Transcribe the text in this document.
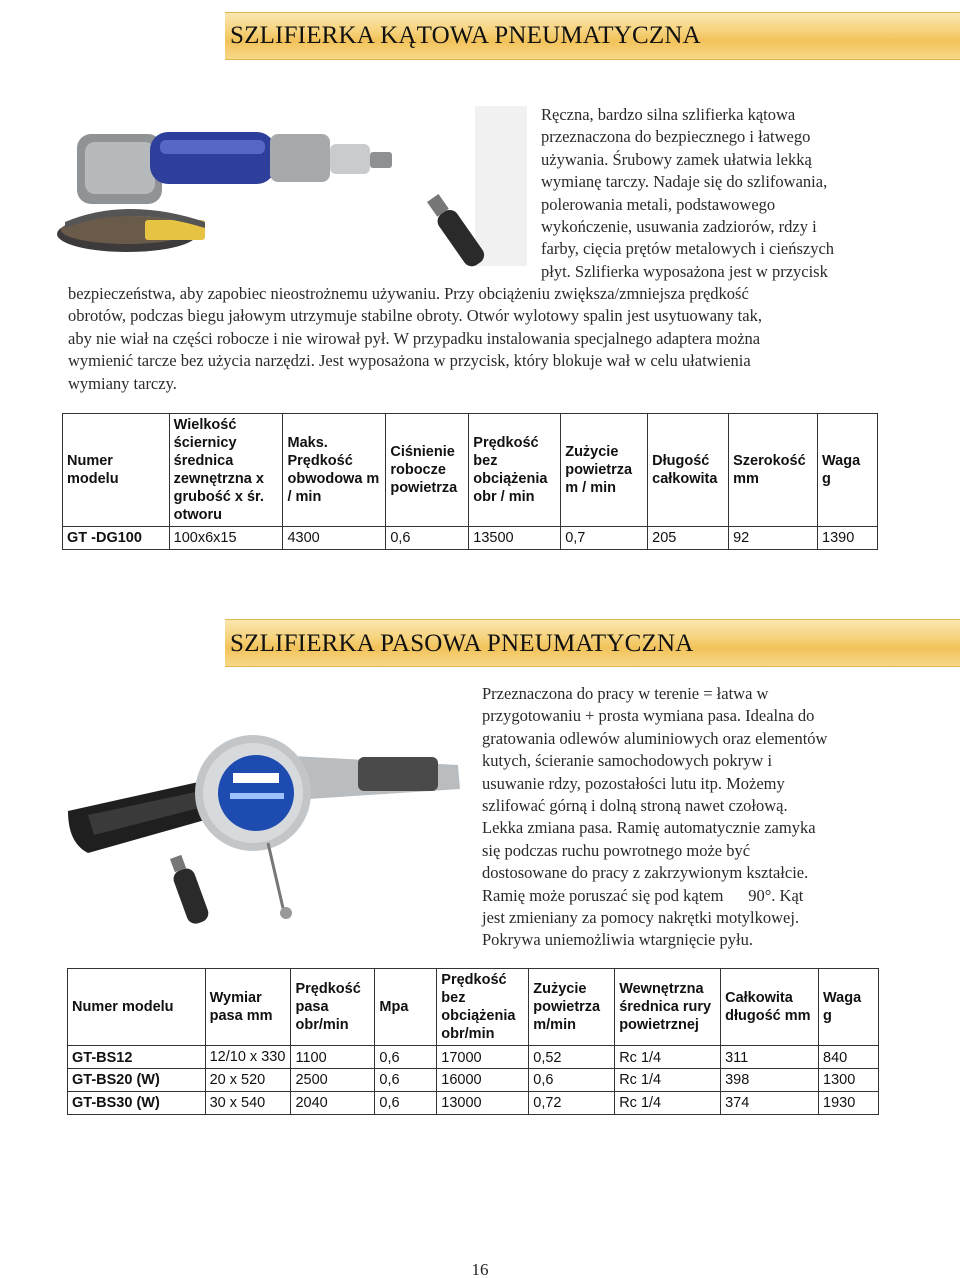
SZLIFIERKA KĄTOWA PNEUMATYCZNA
Ręczna, bardzo silna szlifierka kątowa
przeznaczona do bezpiecznego i łatwego
używania. Śrubowy zamek ułatwia lekką
wymianę tarczy. Nadaje się do szlifowania,
polerowania metali, podstawowego
wykończenie, usuwania zadziorów, rdzy i
farby, cięcia prętów metalowych i cieńszych
płyt. Szlifierka wyposażona jest w przycisk
bezpieczeństwa, aby zapobiec nieostrożnemu używaniu. Przy obciążeniu zwiększa/zmniejsza prędkość
obrotów, podczas biegu jałowym utrzymuje stabilne obroty. Otwór wylotowy spalin jest usytuowany tak,
aby nie wiał na części robocze i nie wirował pył. W przypadku instalowania specjalnego adaptera można
wymienić tarcze bez użycia narzędzi. Jest wyposażona w przycisk, który blokuje wał w celu ułatwienia
wymiany tarczy.
Numer modelu	Wielkość ściernicy średnica zewnętrzna x grubość x śr. otworu	Maks. Prędkość obwodowa m / min	Ciśnienie robocze powietrza	Prędkość bez obciążenia obr / min	Zużycie powietrza m / min	Długość całkowita	Szerokość mm	Waga g
GT -DG100	100x6x15	4300	0,6	13500	0,7	205	92	1390
SZLIFIERKA PASOWA PNEUMATYCZNA
Przeznaczona do pracy w terenie = łatwa w
przygotowaniu + prosta wymiana pasa. Idealna do
gratowania odlewów aluminiowych oraz elementów
kutych, ścieranie samochodowych pokryw i
usuwanie rdzy, pozostałości lutu itp. Możemy
szlifować górną i dolną stroną nawet czołową.
Lekka zmiana pasa. Ramię automatycznie zamyka
się podczas ruchu powrotnego może być
dostosowane do pracy z zakrzywionym kształcie.
Ramię może poruszać się pod kątem      90°. Kąt
jest zmieniany za pomocy nakrętki motylkowej.
Pokrywa uniemożliwia wtargnięcie pyłu.
Numer modelu	Wymiar pasa mm	Prędkość pasa obr/min	Mpa	Prędkość bez obciążenia obr/min	Zużycie powietrza m/min	Wewnętrzna średnica rury powietrznej	Całkowita długość mm	Waga g
GT-BS12	12/10 x 330	1100	0,6	17000	0,52	Rc 1/4	311	840
GT-BS20 (W)	20 x 520	2500	0,6	16000	0,6	Rc 1/4	398	1300
GT-BS30 (W)	30 x 540	2040	0,6	13000	0,72	Rc 1/4	374	1930
16
